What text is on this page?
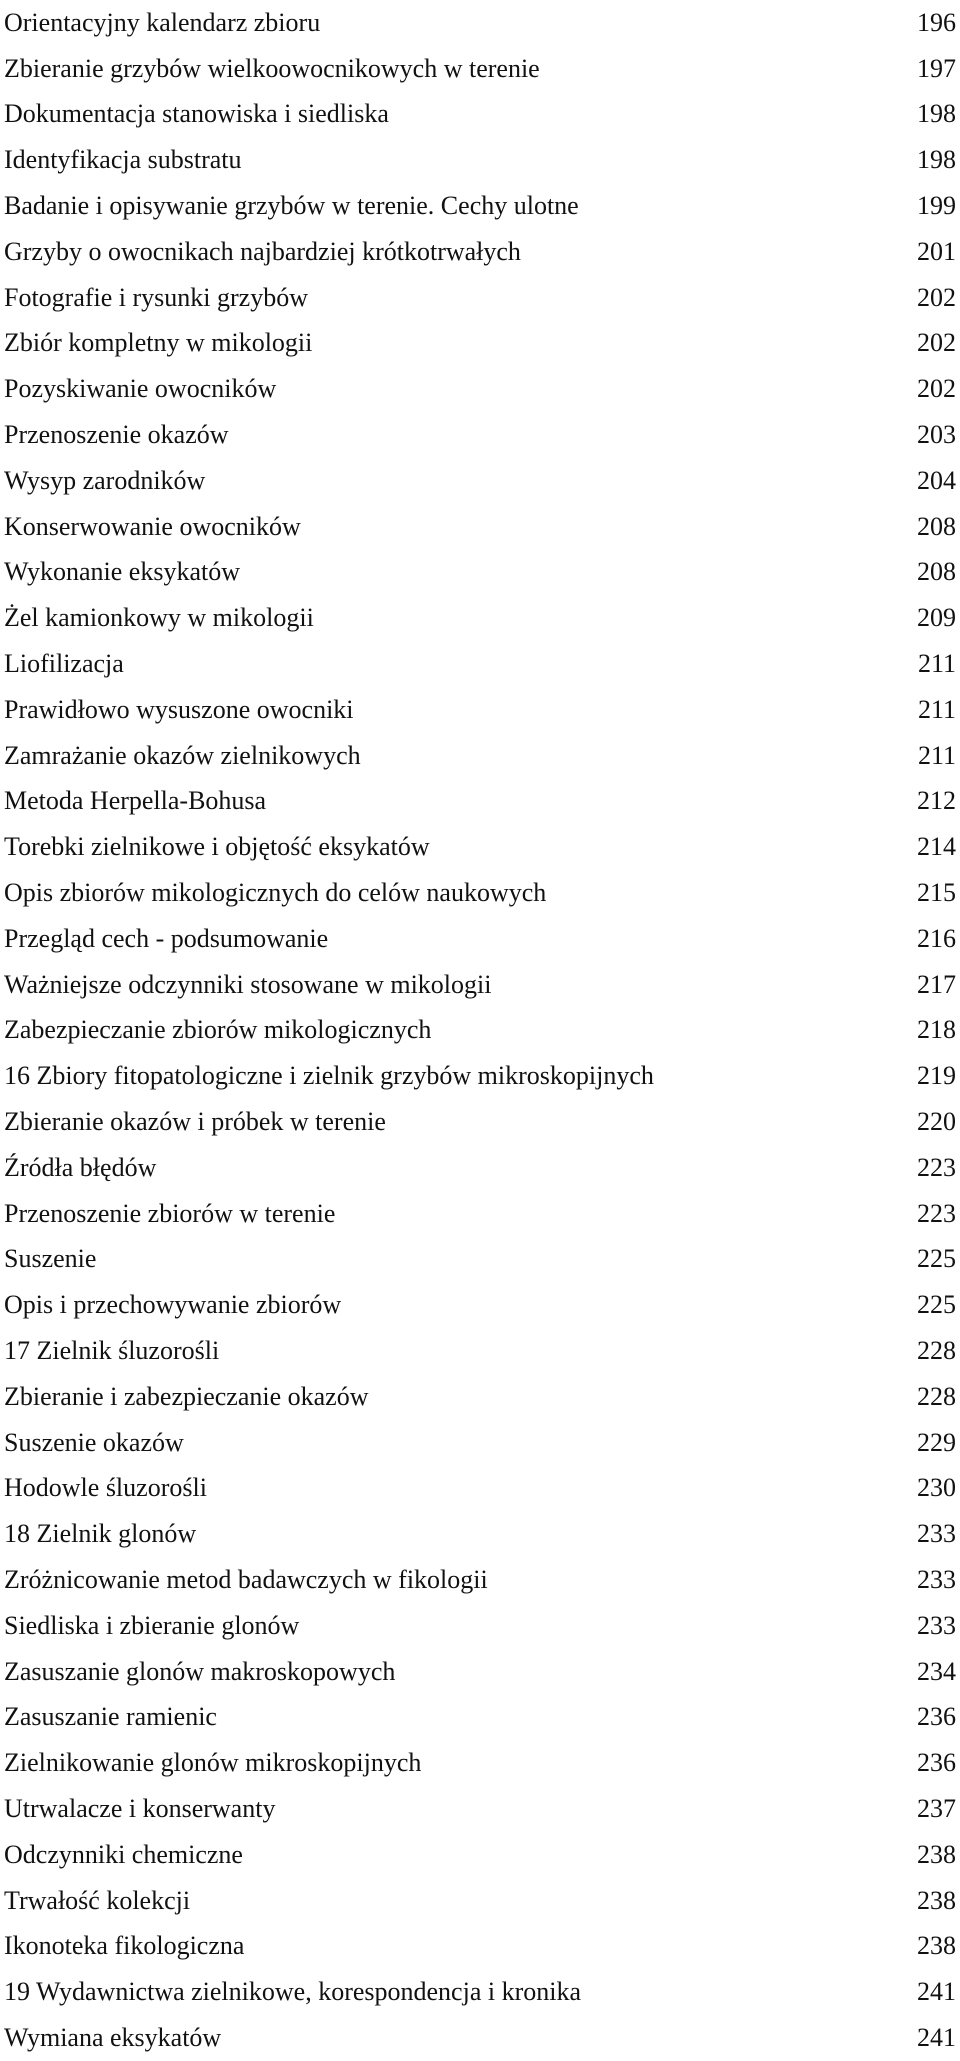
Orientacyjny kalendarz zbioru	196
Zbieranie grzybów wielkoowocnikowych w terenie	197
Dokumentacja stanowiska i siedliska	198
Identyfikacja substratu	198
Badanie i opisywanie grzybów w terenie. Cechy ulotne	199
Grzyby o owocnikach najbardziej krótkotrwałych	201
Fotografie i rysunki grzybów	202
Zbiór kompletny w mikologii	202
Pozyskiwanie owocników	202
Przenoszenie okazów	203
Wysyp zarodników	204
Konserwowanie owocników	208
Wykonanie eksykatów	208
Żel kamionkowy w mikologii	209
Liofilizacja	211
Prawidłowo wysuszone owocniki	211
Zamrażanie okazów zielnikowych	211
Metoda Herpella-Bohusa	212
Torebki zielnikowe i objętość eksykatów	214
Opis zbiorów mikologicznych do celów naukowych	215
Przegląd cech - podsumowanie	216
Ważniejsze odczynniki stosowane w mikologii	217
Zabezpieczanie zbiorów mikologicznych	218
16 Zbiory fitopatologiczne i zielnik grzybów mikroskopijnych	219
Zbieranie okazów i próbek w terenie	220
Źródła błędów	223
Przenoszenie zbiorów w terenie	223
Suszenie	225
Opis i przechowywanie zbiorów	225
17 Zielnik śluzorośli	228
Zbieranie i zabezpieczanie okazów	228
Suszenie okazów	229
Hodowle śluzorośli	230
18 Zielnik glonów	233
Zróżnicowanie metod badawczych w fikologii	233
Siedliska i zbieranie glonów	233
Zasuszanie glonów makroskopowych	234
Zasuszanie ramienic	236
Zielnikowanie glonów mikroskopijnych	236
Utrwalacze i konserwanty	237
Odczynniki chemiczne	238
Trwałość kolekcji	238
Ikonoteka fikologiczna	238
19 Wydawnictwa zielnikowe, korespondencja i kronika	241
Wymiana eksykatów	241
